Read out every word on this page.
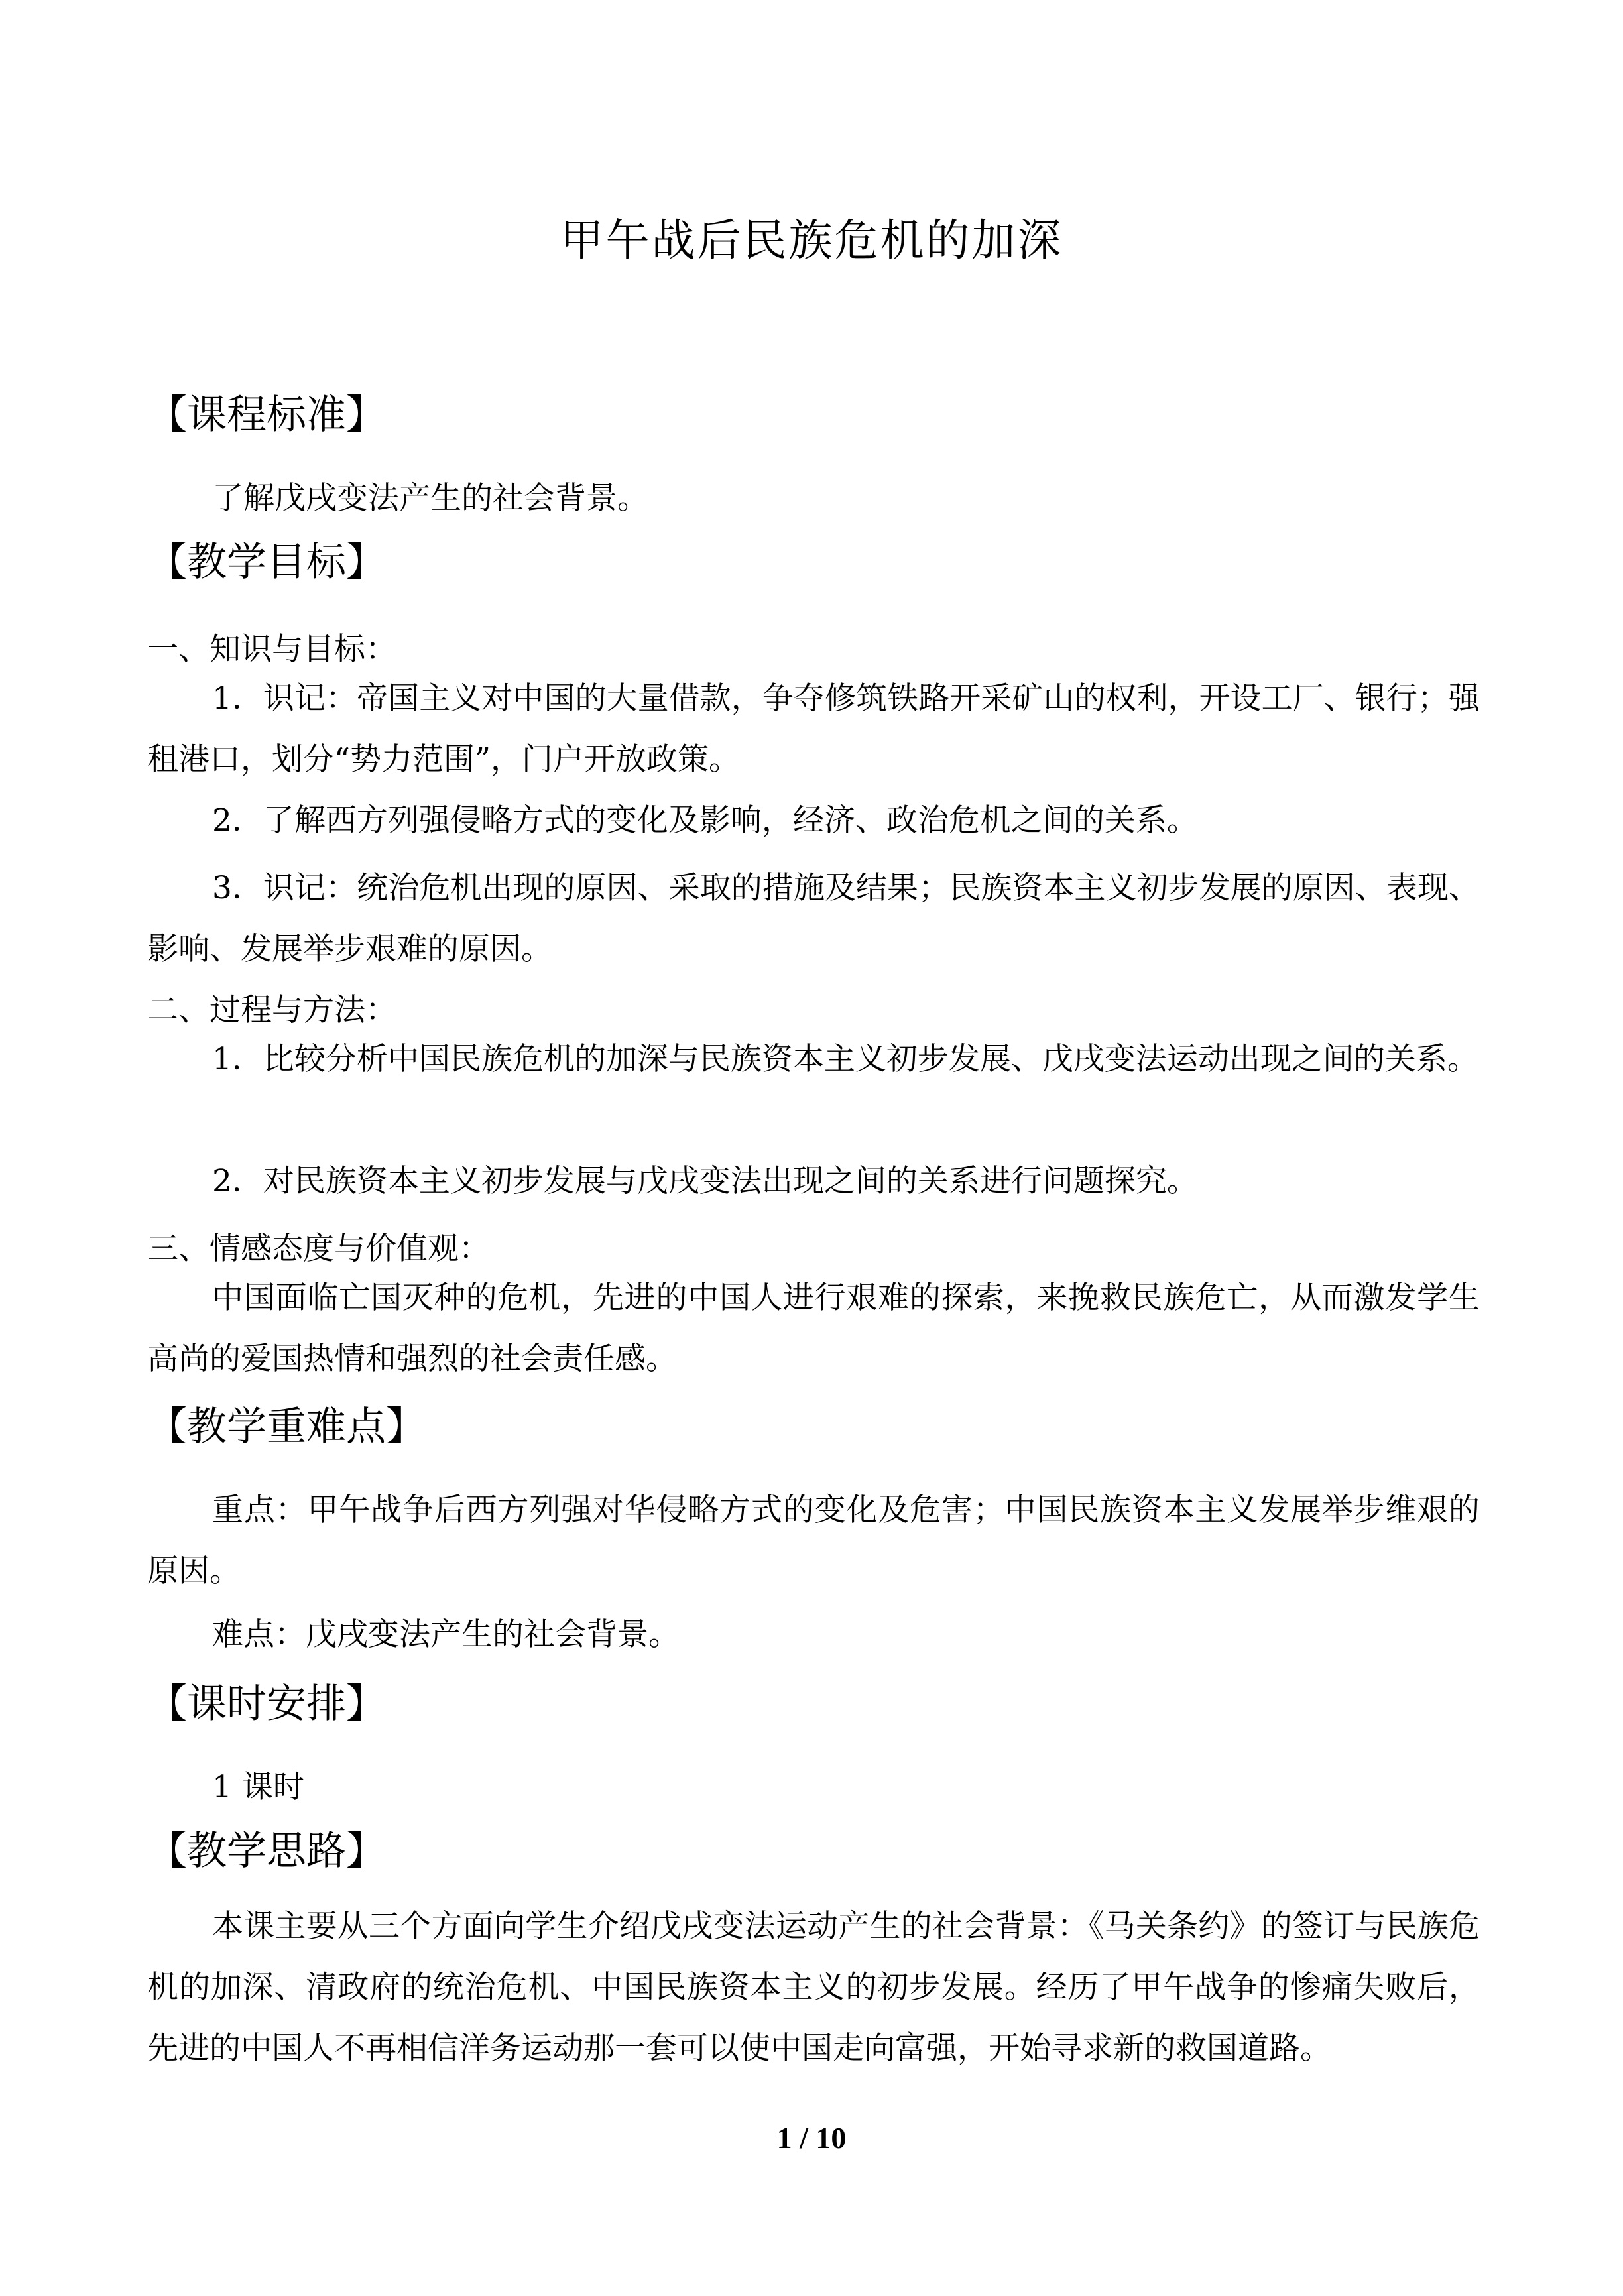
甲午战后民族危机的加深
【课程标准】
了解戊戌变法产生的社会背景。
【教学目标】
一、知识与目标：
1．识记：帝国主义对中国的大量借款，争夺修筑铁路开采矿山的权利，开设工厂、银行；强租港口，划分“势力范围”，门户开放政策。
2．了解西方列强侵略方式的变化及影响，经济、政治危机之间的关系。
3．识记：统治危机出现的原因、采取的措施及结果；民族资本主义初步发展的原因、表现、影响、发展举步艰难的原因。
二、过程与方法：
1．比较分析中国民族危机的加深与民族资本主义初步发展、戊戌变法运动出现之间的关系。
2．对民族资本主义初步发展与戊戌变法出现之间的关系进行问题探究。
三、情感态度与价值观：
中国面临亡国灭种的危机，先进的中国人进行艰难的探索，来挽救民族危亡，从而激发学生高尚的爱国热情和强烈的社会责任感。
【教学重难点】
重点：甲午战争后西方列强对华侵略方式的变化及危害；中国民族资本主义发展举步维艰的原因。
难点：戊戌变法产生的社会背景。
【课时安排】
1 课时
【教学思路】
本课主要从三个方面向学生介绍戊戌变法运动产生的社会背景：《马关条约》的签订与民族危机的加深、清政府的统治危机、中国民族资本主义的初步发展。经历了甲午战争的惨痛失败后，先进的中国人不再相信洋务运动那一套可以使中国走向富强，开始寻求新的救国道路。
1 / 10
